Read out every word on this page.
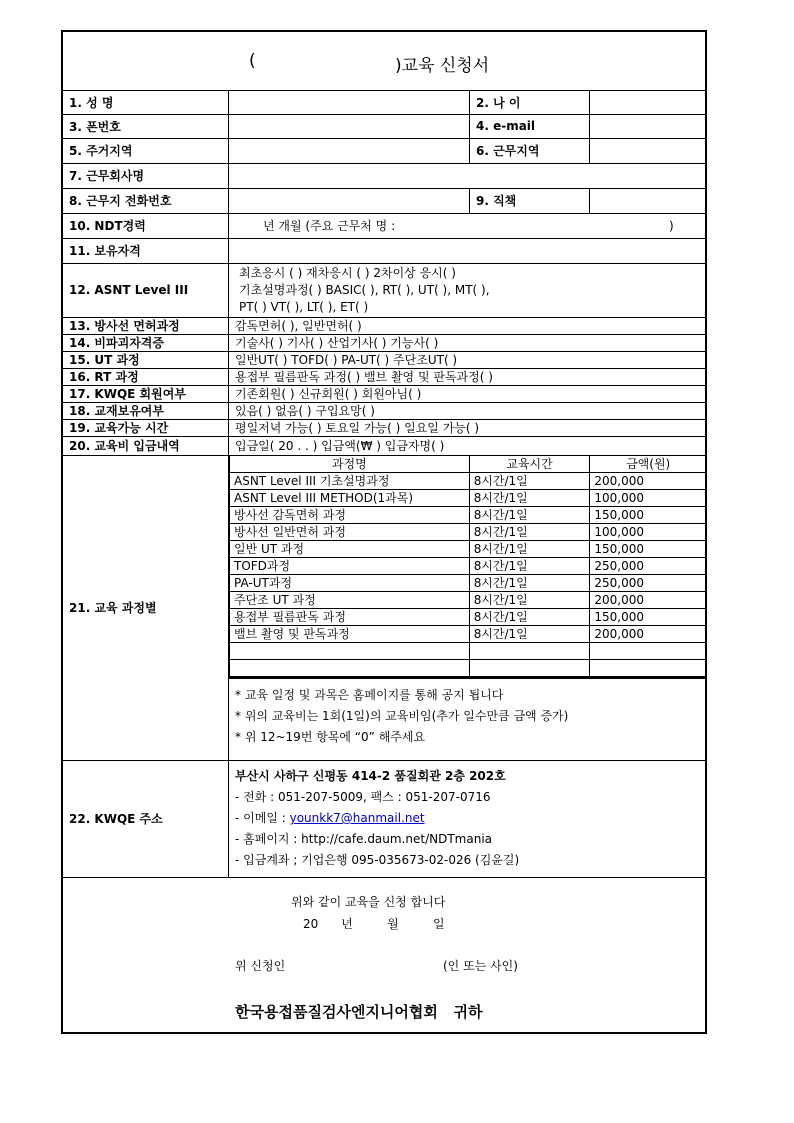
(	)교육 신청서
1. 성 명	2. 나 이
3. 폰번호	4. e-mail
5. 주거지역	6. 근무지역
7. 근무회사명
8. 근무지 전화번호	9. 직책
10. NDT경력	년 개월 (주요 근무처 명 :	)
11. 보유자격
12. ASNT Level III
최초응시 ( ) 재차응시 ( ) 2차이상 응시( )
기초설명과정( ) BASIC( ), RT( ), UT( ), MT( ),
PT( ) VT( ), LT( ), ET( )
13. 방사선 면허과정	감독면허( ), 일반면허( )
14. 비파괴자격증	기술사( ) 기사( ) 산업기사( ) 기능사( )
15. UT 과정	일반UT( ) TOFD( ) PA-UT( ) 주단조UT( )
16. RT 과정	용접부 필름판독 과정( ) 밸브 촬영 및 판독과정( )
17. KWQE 회원여부	기존회원( ) 신규회원( ) 회원아님( )
18. 교재보유여부	있음( ) 없음( ) 구입요망( )
19. 교육가능 시간	평일저녁 가능( ) 토요일 가능( ) 일요일 가능( )
20. 교육비 입금내역	입금일( 20 . . ) 입금액(₩ ) 입금자명( )
21. 교육 과정별
과정명	교육시간	금액(원)
ASNT Level III 기초설명과정	8시간/1일	200,000
ASNT Level III METHOD(1과목)	8시간/1일	100,000
방사선 감독면허 과정	8시간/1일	150,000
방사선 일반면허 과정	8시간/1일	100,000
일반 UT 과정	8시간/1일	150,000
TOFD과정	8시간/1일	250,000
PA-UT과정	8시간/1일	250,000
주단조 UT 과정	8시간/1일	200,000
용접부 필름판독 과정	8시간/1일	150,000
밸브 촬영 및 판독과정	8시간/1일	200,000

* 교육 일정 및 과목은 홈페이지를 통해 공지 됩니다
* 위의 교육비는 1회(1일)의 교육비임(추가 일수만큼 금액 증가)
* 위 12~19번 항목에 “0” 해주세요
22. KWQE 주소
부산시 사하구 신평동 414-2 품질회관 2층 202호
- 전화 : 051-207-5009, 팩스 : 051-207-0716
- 이메일 : younkk7@hanmail.net
- 홈페이지 : http://cafe.daum.net/NDTmania
- 입금계좌 ; 기업은행 095-035673-02-026 (김윤길)
위와 같이 교육을 신청 합니다
20      년         월         일
위 신청인	(인 또는 사인)
한국용접품질검사엔지니어협회   귀하
